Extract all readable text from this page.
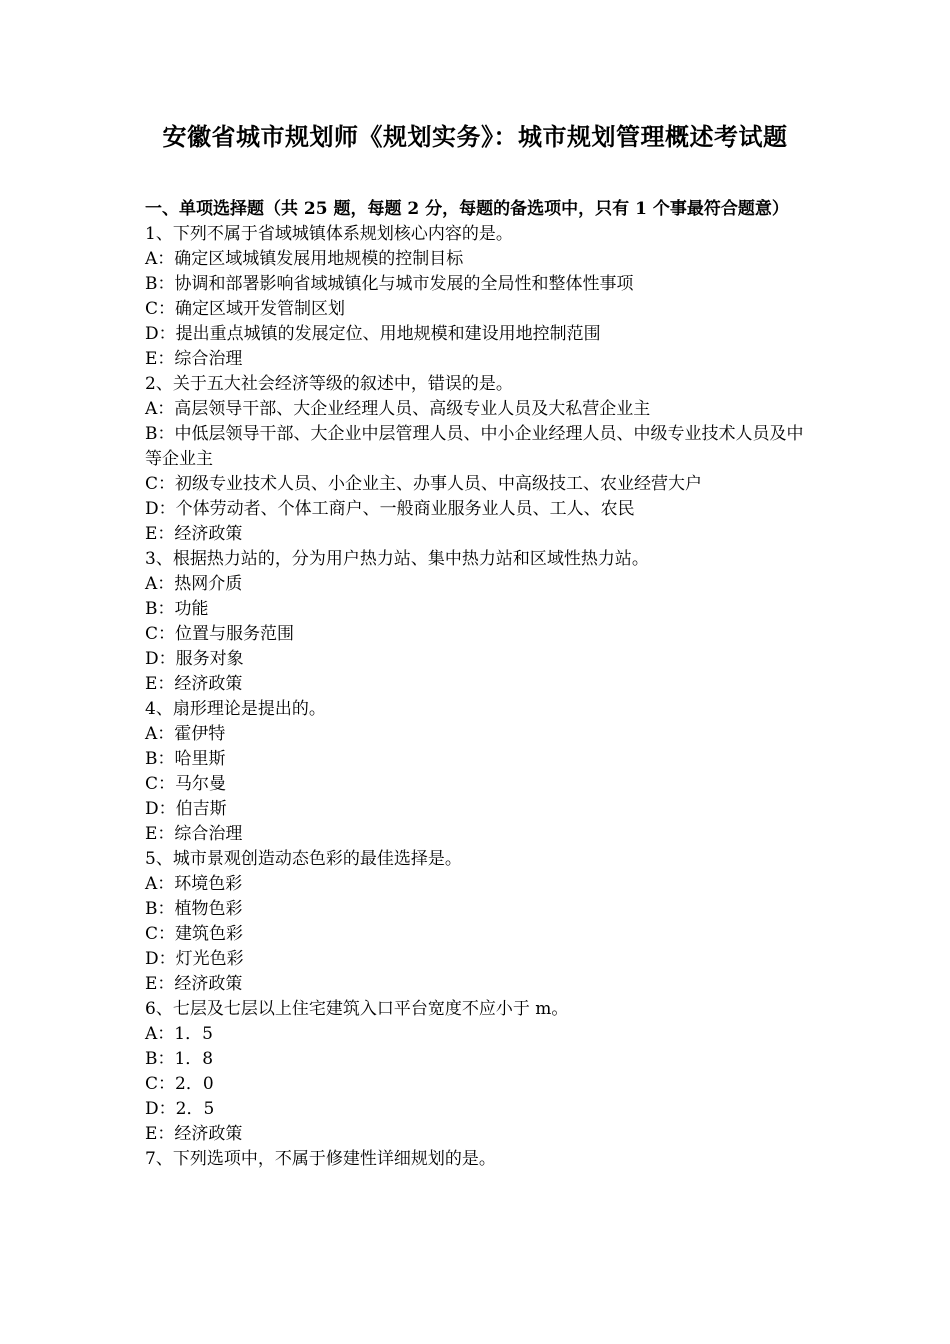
安徽省城市规划师《规划实务》：城市规划管理概述考试题

一、单项选择题（共 25 题，每题 2 分，每题的备选项中，只有 1 个事最符合题意）

1、下列不属于省域城镇体系规划核心内容的是。

A：确定区域城镇发展用地规模的控制目标

B：协调和部署影响省域城镇化与城市发展的全局性和整体性事项

C：确定区域开发管制区划

D：提出重点城镇的发展定位、用地规模和建设用地控制范围

E：综合治理

2、关于五大社会经济等级的叙述中，错误的是。

A：高层领导干部、大企业经理人员、高级专业人员及大私营企业主

B：中低层领导干部、大企业中层管理人员、中小企业经理人员、中级专业技术人员及中等企业主

C：初级专业技术人员、小企业主、办事人员、中高级技工、农业经营大户

D：个体劳动者、个体工商户、一般商业服务业人员、工人、农民

E：经济政策

3、根据热力站的，分为用户热力站、集中热力站和区域性热力站。

A：热网介质

B：功能

C：位置与服务范围

D：服务对象

E：经济政策

4、扇形理论是提出的。

A：霍伊特

B：哈里斯

C：马尔曼

D：伯吉斯

E：综合治理

5、城市景观创造动态色彩的最佳选择是。

A：环境色彩

B：植物色彩

C：建筑色彩

D：灯光色彩

E：经济政策

6、七层及七层以上住宅建筑入口平台宽度不应小于 m。

A：1．5

B：1．8

C：2．0

D：2．5

E：经济政策

7、下列选项中，不属于修建性详细规划的是。
